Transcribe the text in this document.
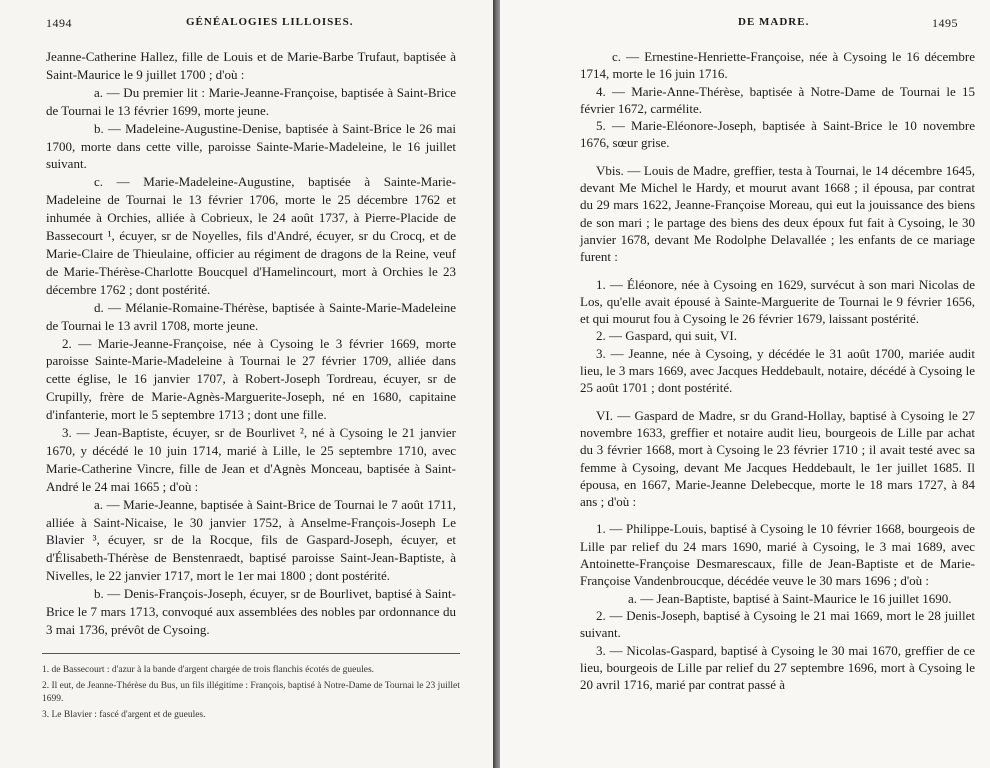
1494	GÉNÉALOGIES LILLOISES.

Jeanne-Catherine Hallez, fille de Louis et de Marie-Barbe Trufaut, baptisée à Saint-Maurice le 9 juillet 1700 ; d'où :

a. — Du premier lit : Marie-Jeanne-Françoise, baptisée à Saint-Brice de Tournai le 13 février 1699, morte jeune.

b. — Madeleine-Augustine-Denise, baptisée à Saint-Brice le 26 mai 1700, morte dans cette ville, paroisse Sainte-Marie-Madeleine, le 16 juillet suivant.

c. — Marie-Madeleine-Augustine, baptisée à Sainte-Marie-Madeleine de Tournai le 13 février 1706, morte le 25 décembre 1762 et inhumée à Orchies, alliée à Cobrieux, le 24 août 1737, à Pierre-Placide de Bassecourt ¹, écuyer, sr de Noyelles, fils d'André, écuyer, sr du Crocq, et de Marie-Claire de Thieulaine, officier au régiment de dragons de la Reine, veuf de Marie-Thérèse-Charlotte Boucquel d'Hamelincourt, mort à Orchies le 23 décembre 1762 ; dont postérité.

d. — Mélanie-Romaine-Thérèse, baptisée à Sainte-Marie-Madeleine de Tournai le 13 avril 1708, morte jeune.

2. — Marie-Jeanne-Françoise, née à Cysoing le 3 février 1669, morte paroisse Sainte-Marie-Madeleine à Tournai le 27 février 1709, alliée dans cette église, le 16 janvier 1707, à Robert-Joseph Tordreau, écuyer, sr de Crupilly, frère de Marie-Agnès-Marguerite-Joseph, né en 1680, capitaine d'infanterie, mort le 5 septembre 1713 ; dont une fille.

3. — Jean-Baptiste, écuyer, sr de Bourlivet ², né à Cysoing le 21 janvier 1670, y décédé le 10 juin 1714, marié à Lille, le 25 septembre 1710, avec Marie-Catherine Vincre, fille de Jean et d'Agnès Monceau, baptisée à Saint-André le 24 mai 1665 ; d'où :

a. — Marie-Jeanne, baptisée à Saint-Brice de Tournai le 7 août 1711, alliée à Saint-Nicaise, le 30 janvier 1752, à Anselme-François-Joseph Le Blavier ³, écuyer, sr de la Rocque, fils de Gaspard-Joseph, écuyer, et d'Élisabeth-Thérèse de Benstenraedt, baptisé paroisse Saint-Jean-Baptiste, à Nivelles, le 22 janvier 1717, mort le 1er mai 1800 ; dont postérité.

b. — Denis-François-Joseph, écuyer, sr de Bourlivet, baptisé à Saint-Brice le 7 mars 1713, convoqué aux assemblées des nobles par ordonnance du 3 mai 1736, prévôt de Cysoing.

1. de Bassecourt : d'azur à la bande d'argent chargée de trois flanchis écotés de gueules.

2. Il eut, de Jeanne-Thérèse du Bus, un fils illégitime : François, baptisé à Notre-Dame de Tournai le 23 juillet 1699.

3. Le Blavier : fascé d'argent et de gueules.

DE MADRE.	1495

c. — Ernestine-Henriette-Françoise, née à Cysoing le 16 décembre 1714, morte le 16 juin 1716.

4. — Marie-Anne-Thérèse, baptisée à Notre-Dame de Tournai le 15 février 1672, carmélite.

5. — Marie-Eléonore-Joseph, baptisée à Saint-Brice le 10 novembre 1676, sœur grise.

Vbis. — Louis de Madre, greffier, testa à Tournai, le 14 décembre 1645, devant Me Michel le Hardy, et mourut avant 1668 ; il épousa, par contrat du 29 mars 1622, Jeanne-Françoise Moreau, qui eut la jouissance des biens de son mari ; le partage des biens des deux époux fut fait à Cysoing, le 30 janvier 1678, devant Me Rodolphe Delavallée ; les enfants de ce mariage furent :

1. — Éléonore, née à Cysoing en 1629, survécut à son mari Nicolas de Los, qu'elle avait épousé à Sainte-Marguerite de Tournai le 9 février 1656, et qui mourut fou à Cysoing le 26 février 1679, laissant postérité.

2. — Gaspard, qui suit, VI.

3. — Jeanne, née à Cysoing, y décédée le 31 août 1700, mariée audit lieu, le 3 mars 1669, avec Jacques Heddebault, notaire, décédé à Cysoing le 25 août 1701 ; dont postérité.

VI. — Gaspard de Madre, sr du Grand-Hollay, baptisé à Cysoing le 27 novembre 1633, greffier et notaire audit lieu, bourgeois de Lille par achat du 3 février 1668, mort à Cysoing le 23 février 1710 ; il avait testé avec sa femme à Cysoing, devant Me Jacques Heddebault, le 1er juillet 1685. Il épousa, en 1667, Marie-Jeanne Delebecque, morte le 18 mars 1727, à 84 ans ; d'où :

1. — Philippe-Louis, baptisé à Cysoing le 10 février 1668, bourgeois de Lille par relief du 24 mars 1690, marié à Cysoing, le 3 mai 1689, avec Antoinette-Françoise Desmarescaux, fille de Jean-Baptiste et de Marie-Françoise Vandenbroucque, décédée veuve le 30 mars 1696 ; d'où :

a. — Jean-Baptiste, baptisé à Saint-Maurice le 16 juillet 1690.

2. — Denis-Joseph, baptisé à Cysoing le 21 mai 1669, mort le 28 juillet suivant.

3. — Nicolas-Gaspard, baptisé à Cysoing le 30 mai 1670, greffier de ce lieu, bourgeois de Lille par relief du 27 septembre 1696, mort à Cysoing le 20 avril 1716, marié par contrat passé à
